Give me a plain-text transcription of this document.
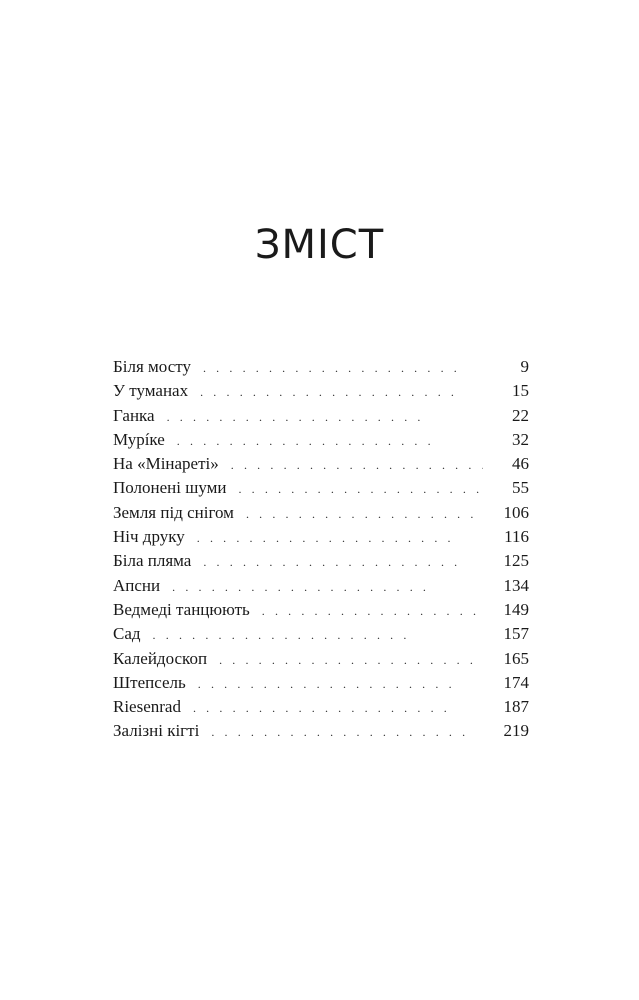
ЗМІСТ
Біля мосту . . .	9
У туманах . . .	15
Ганка . . .	22
Мурíке . . .	32
На «Мінареті» . . .	46
Полонені шуми . . .	55
Земля під снігом . . .	106
Ніч друку . . .	116
Біла пляма . . .	125
Апсни . . .	134
Ведмеді танцюють . . .	149
Сад . . .	157
Калейдоскоп . . .	165
Штепсель . . .	174
Riesenrad . . .	187
Залізні кігті . . .	219
